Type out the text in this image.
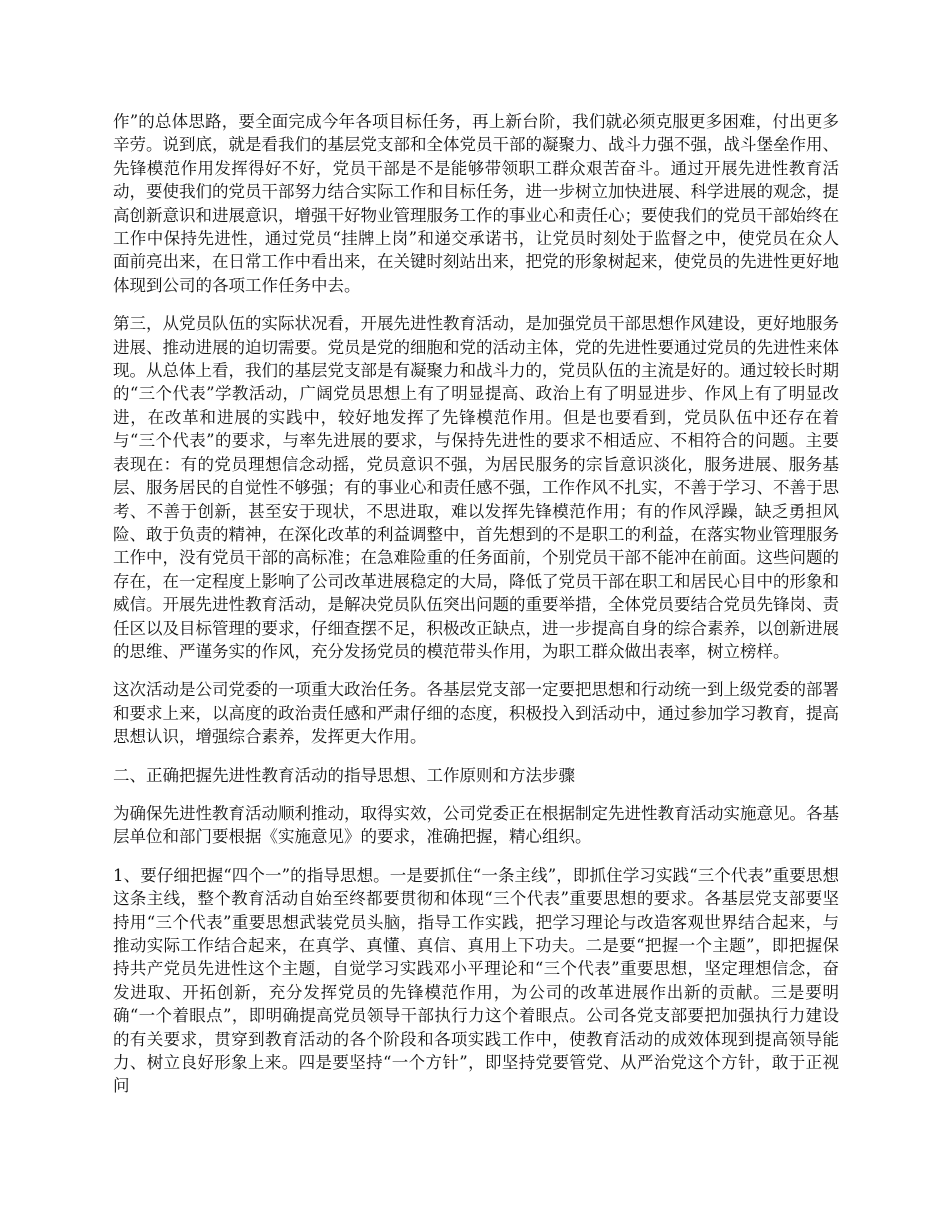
作”的总体思路，要全面完成今年各项目标任务，再上新台阶，我们就必须克服更多困难，付出更多辛劳。说到底，就是看我们的基层党支部和全体党员干部的凝聚力、战斗力强不强，战斗堡垒作用、先锋模范作用发挥得好不好，党员干部是不是能够带领职工群众艰苦奋斗。通过开展先进性教育活动，要使我们的党员干部努力结合实际工作和目标任务，进一步树立加快进展、科学进展的观念，提高创新意识和进展意识，增强干好物业管理服务工作的事业心和责任心；要使我们的党员干部始终在工作中保持先进性，通过党员“挂牌上岗”和递交承诺书，让党员时刻处于监督之中，使党员在众人面前亮出来，在日常工作中看出来，在关键时刻站出来，把党的形象树起来，使党员的先进性更好地体现到公司的各项工作任务中去。

第三，从党员队伍的实际状况看，开展先进性教育活动，是加强党员干部思想作风建设，更好地服务进展、推动进展的迫切需要。党员是党的细胞和党的活动主体，党的先进性要通过党员的先进性来体现。从总体上看，我们的基层党支部是有凝聚力和战斗力的，党员队伍的主流是好的。通过较长时期的“三个代表”学教活动，广阔党员思想上有了明显提高、政治上有了明显进步、作风上有了明显改进，在改革和进展的实践中，较好地发挥了先锋模范作用。但是也要看到，党员队伍中还存在着与“三个代表”的要求，与率先进展的要求，与保持先进性的要求不相适应、不相符合的问题。主要表现在：有的党员理想信念动摇，党员意识不强，为居民服务的宗旨意识淡化，服务进展、服务基层、服务居民的自觉性不够强；有的事业心和责任感不强，工作作风不扎实，不善于学习、不善于思考、不善于创新，甚至安于现状，不思进取，难以发挥先锋模范作用；有的作风浮躁，缺乏勇担风险、敢于负责的精神，在深化改革的利益调整中，首先想到的不是职工的利益，在落实物业管理服务工作中，没有党员干部的高标准；在急难险重的任务面前，个别党员干部不能冲在前面。这些问题的存在，在一定程度上影响了公司改革进展稳定的大局，降低了党员干部在职工和居民心目中的形象和威信。开展先进性教育活动，是解决党员队伍突出问题的重要举措，全体党员要结合党员先锋岗、责任区以及目标管理的要求，仔细查摆不足，积极改正缺点，进一步提高自身的综合素养，以创新进展的思维、严谨务实的作风，充分发扬党员的模范带头作用，为职工群众做出表率，树立榜样。

这次活动是公司党委的一项重大政治任务。各基层党支部一定要把思想和行动统一到上级党委的部署和要求上来，以高度的政治责任感和严肃仔细的态度，积极投入到活动中，通过参加学习教育，提高思想认识，增强综合素养，发挥更大作用。

二、正确把握先进性教育活动的指导思想、工作原则和方法步骤

为确保先进性教育活动顺利推动，取得实效，公司党委正在根据制定先进性教育活动实施意见。各基层单位和部门要根据《实施意见》的要求，准确把握，精心组织。

1、要仔细把握“四个一”的指导思想。一是要抓住“一条主线”，即抓住学习实践“三个代表”重要思想这条主线，整个教育活动自始至终都要贯彻和体现“三个代表”重要思想的要求。各基层党支部要坚持用“三个代表”重要思想武装党员头脑，指导工作实践，把学习理论与改造客观世界结合起来，与推动实际工作结合起来，在真学、真懂、真信、真用上下功夫。二是要“把握一个主题”，即把握保持共产党员先进性这个主题，自觉学习实践邓小平理论和“三个代表”重要思想，坚定理想信念，奋发进取、开拓创新，充分发挥党员的先锋模范作用，为公司的改革进展作出新的贡献。三是要明确“一个着眼点”，即明确提高党员领导干部执行力这个着眼点。公司各党支部要把加强执行力建设的有关要求，贯穿到教育活动的各个阶段和各项实践工作中，使教育活动的成效体现到提高领导能力、树立良好形象上来。四是要坚持“一个方针”，即坚持党要管党、从严治党这个方针，敢于正视问
